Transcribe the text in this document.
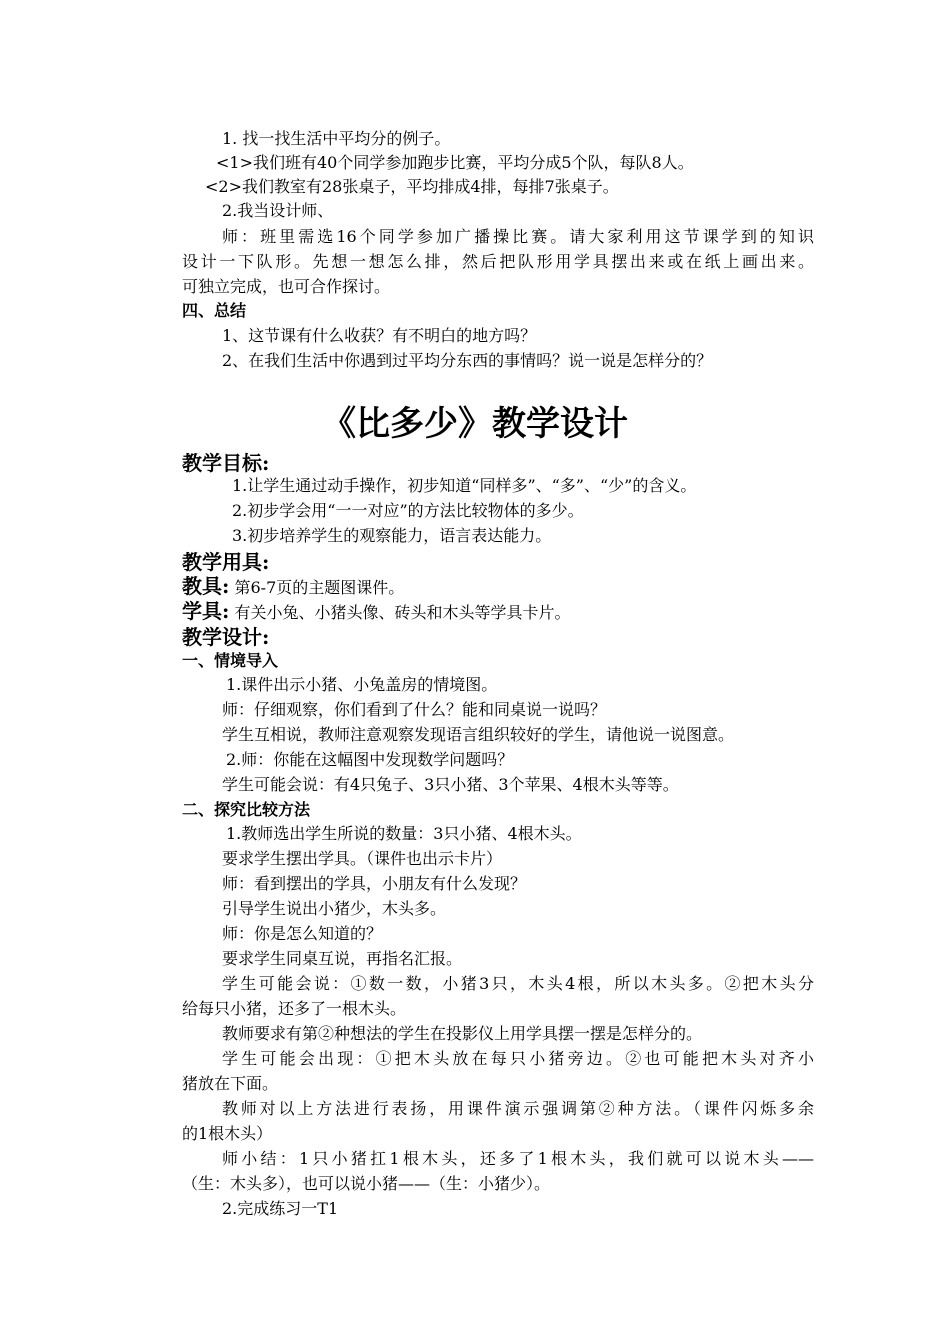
1. 找一找生活中平均分的例子。
<1>我们班有40个同学参加跑步比赛，平均分成5个队，每队8人。
<2>我们教室有28张桌子，平均排成4排，每排7张桌子。
2.我当设计师、
师：班里需选16个同学参加广播操比赛。请大家利用这节课学到的知识
设计一下队形。先想一想怎么排，然后把队形用学具摆出来或在纸上画出来。
可独立完成，也可合作探讨。
四、总结
1、这节课有什么收获？有不明白的地方吗？
2、在我们生活中你遇到过平均分东西的事情吗？说一说是怎样分的？
《比多少》教学设计
教学目标:
1.让学生通过动手操作，初步知道“同样多”、“多”、“少”的含义。
2.初步学会用“一一对应”的方法比较物体的多少。
3.初步培养学生的观察能力，语言表达能力。
教学用具:
教具: 第6-7页的主题图课件。
学具: 有关小兔、小猪头像、砖头和木头等学具卡片。
教学设计:
一、情境导入
1.课件出示小猪、小兔盖房的情境图。
师：仔细观察，你们看到了什么？能和同桌说一说吗？
学生互相说，教师注意观察发现语言组织较好的学生，请他说一说图意。
2.师：你能在这幅图中发现数学问题吗？
学生可能会说：有4只兔子、3只小猪、3个苹果、4根木头等等。
二、探究比较方法
1.教师选出学生所说的数量：3只小猪、4根木头。
要求学生摆出学具。（课件也出示卡片）
师：看到摆出的学具，小朋友有什么发现？
引导学生说出小猪少，木头多。
师：你是怎么知道的？
要求学生同桌互说，再指名汇报。
学生可能会说：①数一数，小猪3只，木头4根，所以木头多。②把木头分
给每只小猪，还多了一根木头。
教师要求有第②种想法的学生在投影仪上用学具摆一摆是怎样分的。
学生可能会出现：①把木头放在每只小猪旁边。②也可能把木头对齐小
猪放在下面。
教师对以上方法进行表扬，用课件演示强调第②种方法。（课件闪烁多余
的1根木头）
师小结：1只小猪扛1根木头，还多了1根木头，我们就可以说木头——
（生：木头多），也可以说小猪——（生：小猪少）。
2.完成练习一T1
